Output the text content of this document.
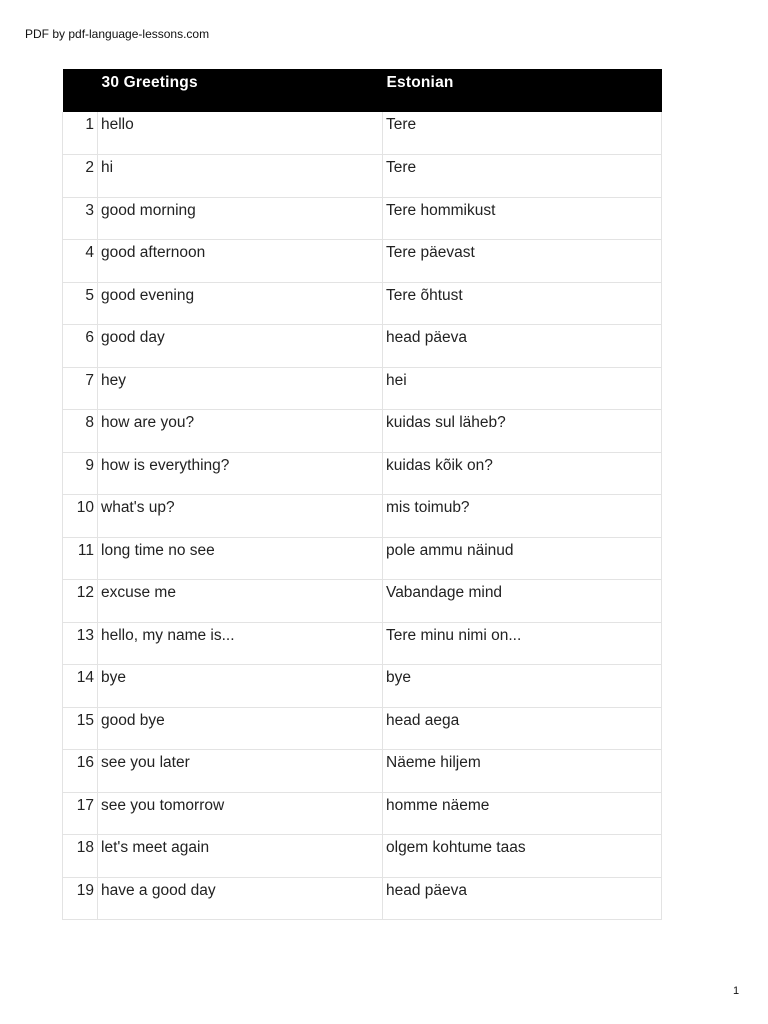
PDF by pdf-language-lessons.com
	30 Greetings	Estonian
1	hello	Tere
2	hi	Tere
3	good morning	Tere hommikust
4	good afternoon	Tere päevast
5	good evening	Tere õhtust
6	good day	head päeva
7	hey	hei
8	how are you?	kuidas sul läheb?
9	how is everything?	kuidas kõik on?
10	what's up?	mis toimub?
11	long time no see	pole ammu näinud
12	excuse me	Vabandage mind
13	hello, my name is...	Tere minu nimi on...
14	bye	bye
15	good bye	head aega
16	see you later	Näeme hiljem
17	see you tomorrow	homme näeme
18	let's meet again	olgem kohtume taas
19	have a good day	head päeva
1
